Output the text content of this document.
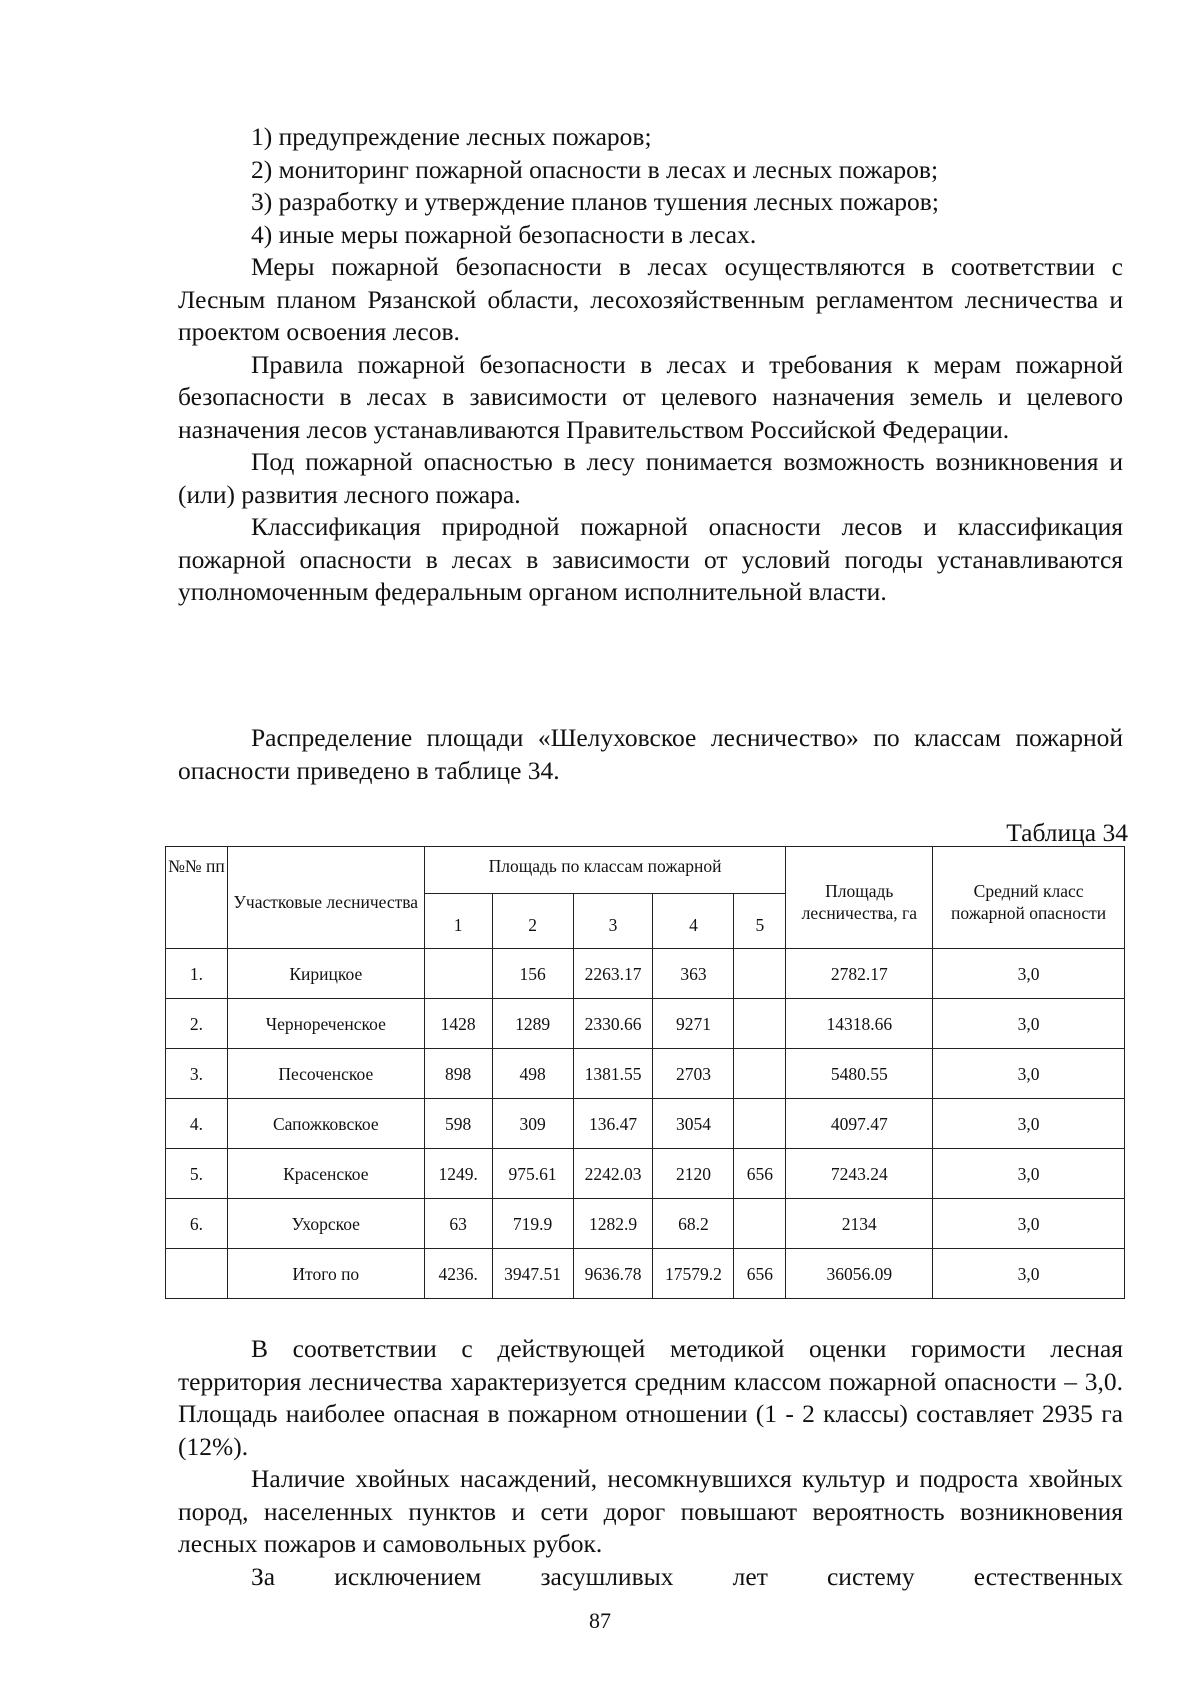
1) предупреждение лесных пожаров;

2) мониторинг пожарной опасности в лесах и лесных пожаров;

3) разработку и утверждение планов тушения лесных пожаров;

4) иные меры пожарной безопасности в лесах.

Меры пожарной безопасности в лесах осуществляются в соответствии с Лесным планом Рязанской области, лесохозяйственным регламентом лесничества и проектом освоения лесов.

Правила пожарной безопасности в лесах и требования к мерам пожарной безопасности в лесах в зависимости от целевого назначения земель и целевого назначения лесов устанавливаются Правительством Российской Федерации.

Под пожарной опасностью в лесу понимается возможность возникновения и (или) развития лесного пожара.

Классификация природной пожарной опасности лесов и классификация пожарной опасности в лесах в зависимости от условий погоды устанавливаются уполномоченным федеральным органом исполнительной власти.

Распределение площади «Шелуховское лесничество» по классам пожарной опасности приведено в таблице 34.

Таблица 34
№№ пп	Участковые лесничества	Площадь по классам пожарной					Площадь лесничества, га	Средний класс пожарной опасности
		1	2	3	4	5		
1.	Кирицкое		156	2263.17	363		2782.17	3,0
2.	Чернореченское	1428	1289	2330.66	9271		14318.66	3,0
3.	Песоченское	898	498	1381.55	2703		5480.55	3,0
4.	Сапожковское	598	309	136.47	3054		4097.47	3,0
5.	Красенское	1249.	975.61	2242.03	2120	656	7243.24	3,0
6.	Ухорское	63	719.9	1282.9	68.2		2134	3,0
	Итого по	4236.	3947.51	9636.78	17579.2	656	36056.09	3,0

В соответствии с действующей методикой оценки горимости лесная территория лесничества характеризуется средним классом пожарной опасности – 3,0. Площадь наиболее опасная в пожарном отношении (1 - 2 классы) составляет 2935 га (12%).

Наличие хвойных насаждений, несомкнувшихся культур и подроста хвойных пород, населенных пунктов и сети дорог повышают вероятность возникновения лесных пожаров и самовольных рубок.

За исключением засушливых лет систему естественных

87
